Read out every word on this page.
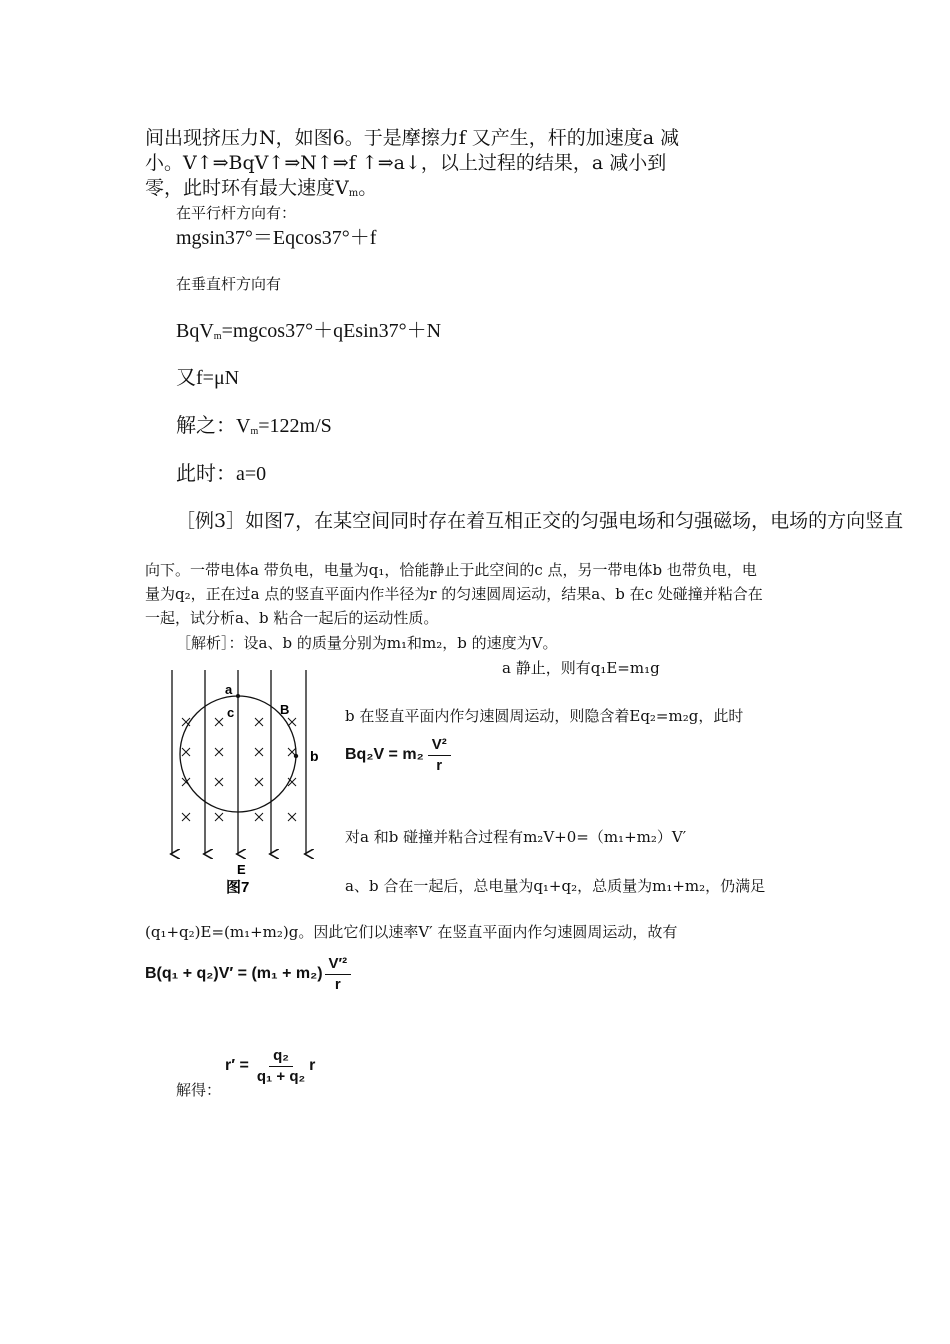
间出现挤压力N，如图6。于是摩擦力f 又产生，杆的加速度a 减
小。V↑⇒BqV↑⇒N↑⇒f ↑⇒a↓，以上过程的结果，a 减小到
零，此时环有最大速度$V_m$。
在平行杆方向有：
mgsin37°＝Eqcos37°＋f
在垂直杆方向有
BqV$_m$=mgcos37°＋qEsin37°＋N
又f=μN
解之：$V_m=122m/S$
此时：a=0
［例3］如图7，在某空间同时存在着互相正交的匀强电场和匀强磁场，电场的方向竖直
向下。一带电体a 带负电，电量为q₁，恰能静止于此空间的c 点，另一带电体b 也带负电，电
量为q₂，正在过a 点的竖直平面内作半径为r 的匀速圆周运动，结果a、b 在c 处碰撞并粘合在
一起，试分析a、b 粘合一起后的运动性质。
［解析］：设a、b 的质量分别为m₁和m₂，b 的速度为V。
a
c	B
b
E
图7
a 静止，则有q₁E=m₁g
b 在竖直平面内作匀速圆周运动，则隐含着Eq₂=m₂g，此时
$Bq_2V = m_2 \frac{\text{V²}}{r}$
对a 和b 碰撞并粘合过程有m₂V+0=（m₁+m₂）V′
a、b 合在一起后，总电量为q₁+q₂，总质量为m₁+m₂，仍满足
(q₁+q₂)E=(m₁+m₂)g。因此它们以速率V′ 在竖直平面内作匀速圆周运动，故有
$B(q_1 + q_2)V' = (m_1 + m_2) \frac{\text{V′²}}{r}$
$r' = \frac{\text{q₂}}{\text{q₁ + q₂}}$ r
解得：
